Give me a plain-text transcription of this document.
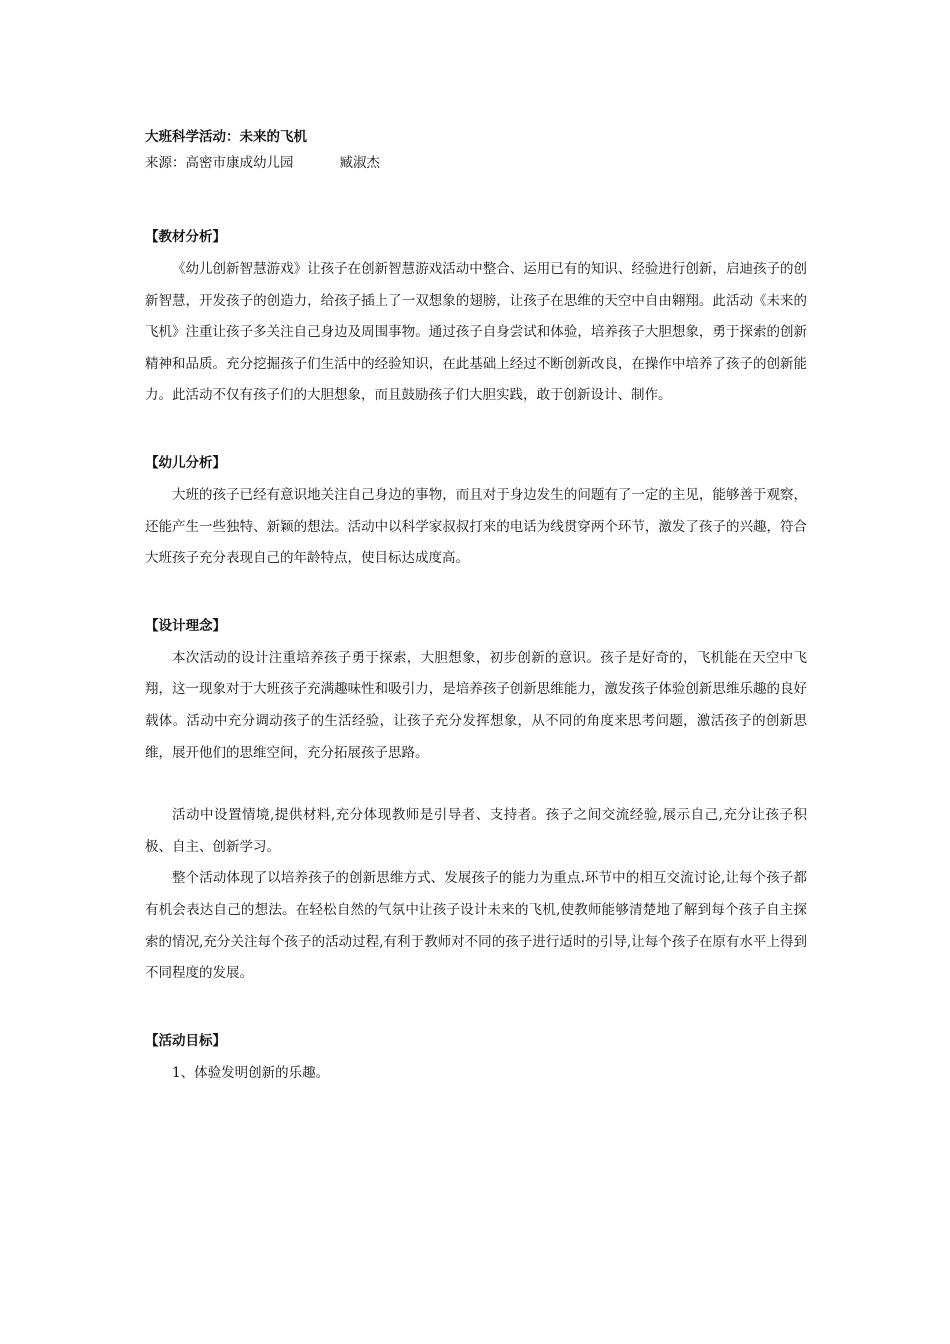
大班科学活动：未来的飞机

来源：高密市康成幼儿园	臧淑杰

【教材分析】

《幼儿创新智慧游戏》让孩子在创新智慧游戏活动中整合、运用已有的知识、经验进行创新，启迪孩子的创新智慧，开发孩子的创造力，给孩子插上了一双想象的翅膀，让孩子在思维的天空中自由翱翔。此活动《未来的飞机》注重让孩子多关注自己身边及周围事物。通过孩子自身尝试和体验，培养孩子大胆想象，勇于探索的创新精神和品质。充分挖掘孩子们生活中的经验知识，在此基础上经过不断创新改良，在操作中培养了孩子的创新能力。此活动不仅有孩子们的大胆想象，而且鼓励孩子们大胆实践，敢于创新设计、制作。

【幼儿分析】

大班的孩子已经有意识地关注自己身边的事物，而且对于身边发生的问题有了一定的主见，能够善于观察，还能产生一些独特、新颖的想法。活动中以科学家叔叔打来的电话为线贯穿两个环节，激发了孩子的兴趣，符合大班孩子充分表现自己的年龄特点，使目标达成度高。

【设计理念】

本次活动的设计注重培养孩子勇于探索，大胆想象，初步创新的意识。孩子是好奇的，飞机能在天空中飞翔，这一现象对于大班孩子充满趣味性和吸引力，是培养孩子创新思维能力，激发孩子体验创新思维乐趣的良好载体。活动中充分调动孩子的生活经验，让孩子充分发挥想象，从不同的角度来思考问题，激活孩子的创新思维，展开他们的思维空间，充分拓展孩子思路。

活动中设置情境,提供材料,充分体现教师是引导者、支持者。孩子之间交流经验,展示自己,充分让孩子积极、自主、创新学习。

整个活动体现了以培养孩子的创新思维方式、发展孩子的能力为重点.环节中的相互交流讨论,让每个孩子都有机会表达自己的想法。在轻松自然的气氛中让孩子设计未来的飞机,使教师能够清楚地了解到每个孩子自主探索的情况,充分关注每个孩子的活动过程,有利于教师对不同的孩子进行适时的引导,让每个孩子在原有水平上得到不同程度的发展。

【活动目标】

1、体验发明创新的乐趣。
